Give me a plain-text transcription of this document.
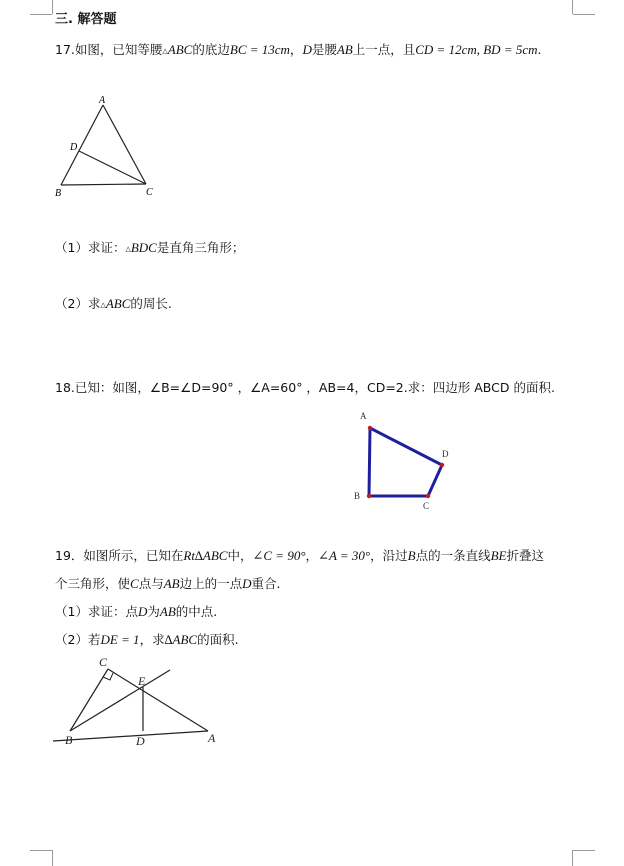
三. 解答题
17.如图，已知等腰△ABC的底边BC = 13cm，D是腰AB上一点，且CD = 12cm, BD = 5cm.
A
D
B	C
（1）求证：△BDC是直角三角形；
（2）求△ABC的周长.
18.已知：如图，∠B=∠D=90° ，∠A=60° ，AB=4，CD=2.求：四边形 ABCD 的面积.
A
B
C
D
19．如图所示，已知在Rt∆ABC中，∠C = 90°，∠A = 30°，沿过B点的一条直线BE折叠这
个三角形，使C点与AB边上的一点D重合.
（1）求证：点D为AB的中点.
（2）若DE = 1，求∆ABC的面积.
C
E
B	D	A
